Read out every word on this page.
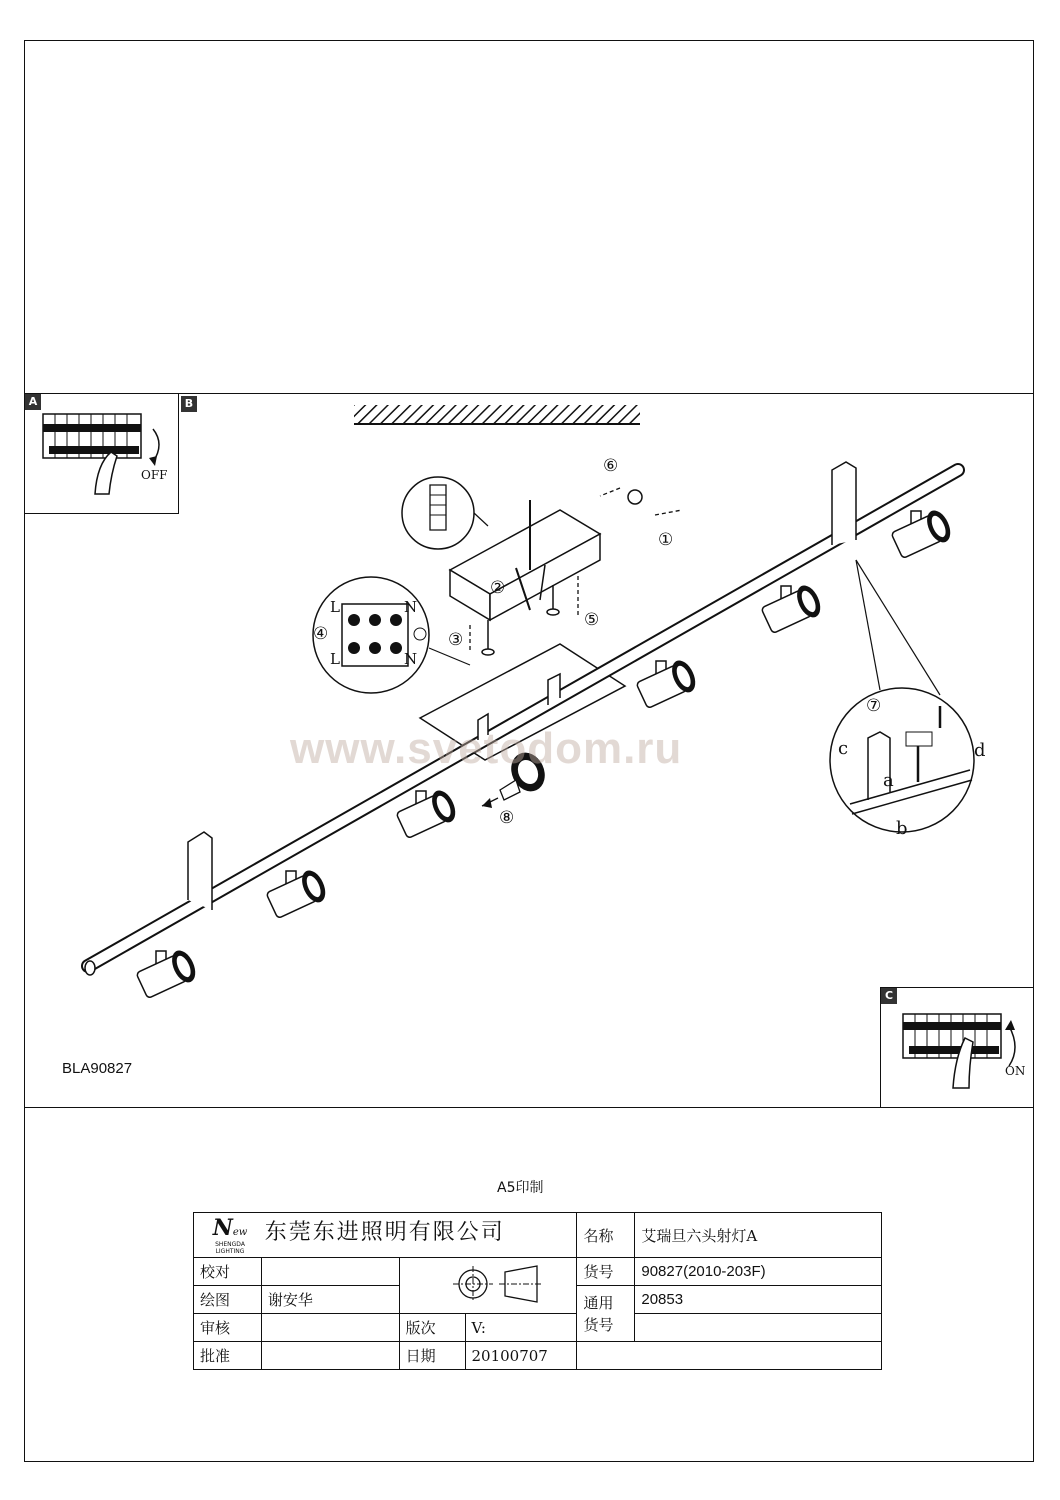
A
OFF
B
C
ON
⑥
①
②
③
④
⑤
⑦
⑧
L	N
L	N
a
b
c	d
www.svetodom.ru
BLA90827
A5印制
New
SHENGDA
LIGHTING
东莞东进照明有限公司				名称	艾瑞旦六头射灯A
校对				货号	90827(2010-203F)
绘图	谢安华			通用货号	20853
审核		版次	V:		
批准		日期	20100707		
